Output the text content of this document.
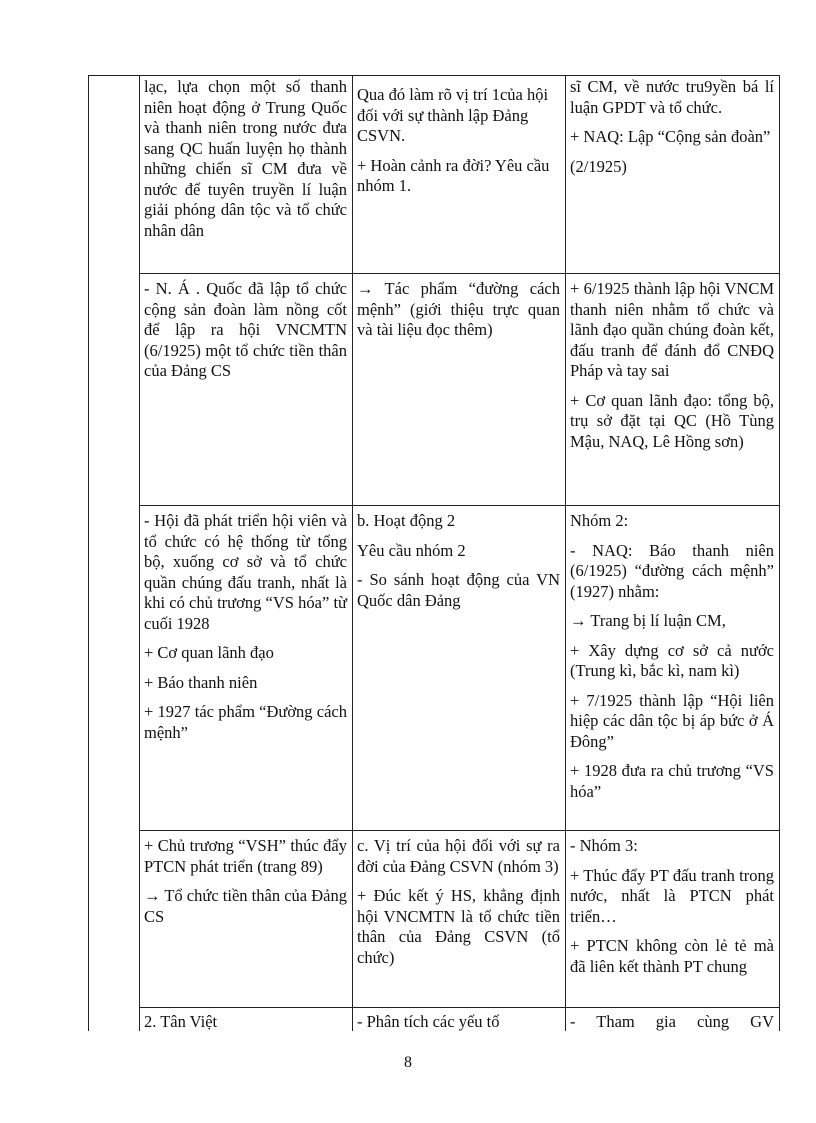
lạc, lựa chọn một số thanh niên hoạt động ở Trung Quốc và thanh niên trong nước đưa sang QC huấn luyện họ thành những chiến sĩ CM đưa về nước để tuyên truyền lí luận giải phóng dân tộc và tổ chức nhân dân

Qua đó làm rõ vị trí 1của hội đối với sự thành lập Đảng CSVN.

+ Hoàn cảnh ra đời? Yêu cầu nhóm 1.

sĩ CM, về nước tru9yền bá lí luận GPDT và tổ chức.

+ NAQ: Lập “Cộng sản đoàn”

(2/1925)

- N. Á . Quốc đã lập tổ chức cộng sản đoàn làm nồng cốt để lập ra hội VNCMTN (6/1925) một tổ chức tiền thân của Đảng CS

→ Tác phẩm “đường cách mệnh” (giới thiệu trực quan và tài liệu đọc thêm)

+ 6/1925 thành lập hội VNCM thanh niên nhằm tổ chức và lãnh đạo quần chúng đoàn kết, đấu tranh để đánh đổ CNĐQ Pháp và tay sai

+ Cơ quan lãnh đạo: tổng bộ, trụ sở đặt tại QC (Hồ Tùng Mậu, NAQ, Lê Hồng sơn)

- Hội đã phát triển hội viên và tổ chức có hệ thống từ tổng bộ, xuống cơ sở và tổ chức quần chúng đấu tranh, nhất là khi có chủ trương “VS hóa” từ cuối 1928

+ Cơ quan lãnh đạo

+ Báo thanh niên

+ 1927 tác phẩm “Đường cách mệnh”

b. Hoạt động 2

Yêu cầu nhóm 2

- So sánh hoạt động của VN Quốc dân Đảng

Nhóm 2:

- NAQ: Báo thanh niên (6/1925) “đường cách mệnh” (1927) nhằm:

→ Trang bị lí luận CM,

+ Xây dựng cơ sở cả nước (Trung kì, bắc kì, nam kì)

+ 7/1925 thành lập “Hội liên hiệp các dân tộc bị áp bức ở Á Đông”

+ 1928 đưa ra chủ trương “VS hóa”

+ Chủ trương “VSH” thúc đẩy PTCN phát triển (trang 89)

→ Tổ chức tiền thân của Đảng CS

c. Vị trí của hội đối với sự ra đời của Đảng CSVN (nhóm 3)

+ Đúc kết ý HS, khẳng định hội VNCMTN là tổ chức tiền thân của Đảng CSVN (tổ chức)

- Nhóm 3:

+ Thúc đẩy PT đấu tranh trong nước, nhất là PTCN phát triển…

+ PTCN không còn lẻ tẻ mà đã liên kết thành PT chung

2. Tân Việt	- Phân tích các yếu tố	- Tham gia cùng GV

8
